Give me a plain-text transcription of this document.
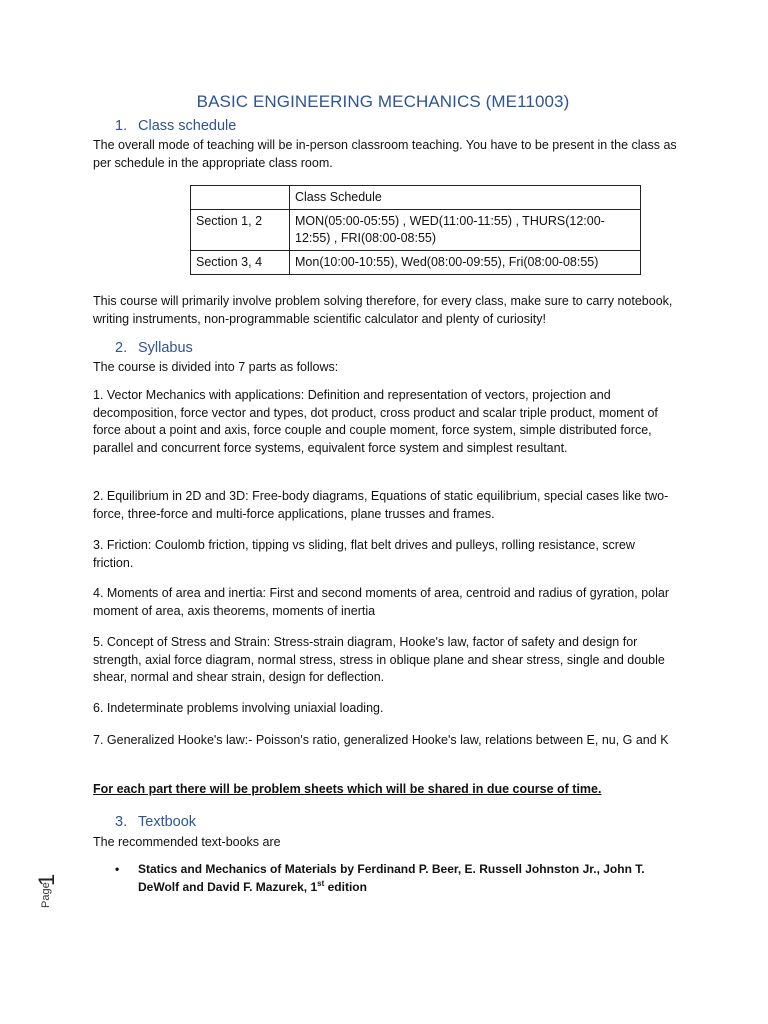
BASIC ENGINEERING MECHANICS (ME11003)
1. Class schedule
The overall mode of teaching will be in-person classroom teaching. You have to be present in the class as per schedule in the appropriate class room.
	Class Schedule
Section 1, 2	MON(05:00-05:55) , WED(11:00-11:55) , THURS(12:00-12:55) , FRI(08:00-08:55)
Section 3, 4	Mon(10:00-10:55), Wed(08:00-09:55), Fri(08:00-08:55)
This course will primarily involve problem solving therefore, for every class, make sure to carry notebook, writing instruments, non-programmable scientific calculator and plenty of curiosity!
2. Syllabus
The course is divided into 7 parts as follows:
1. Vector Mechanics with applications: Definition and representation of vectors, projection and decomposition, force vector and types, dot product, cross product and scalar triple product, moment of force about a point and axis, force couple and couple moment, force system, simple distributed force, parallel and concurrent force systems, equivalent force system and simplest resultant.
2. Equilibrium in 2D and 3D: Free-body diagrams, Equations of static equilibrium, special cases like two-force, three-force and multi-force applications, plane trusses and frames.
3. Friction: Coulomb friction, tipping vs sliding, flat belt drives and pulleys, rolling resistance, screw friction.
4. Moments of area and inertia: First and second moments of area, centroid and radius of gyration, polar moment of area, axis theorems, moments of inertia
5. Concept of Stress and Strain: Stress-strain diagram, Hooke's law, factor of safety and design for strength, axial force diagram, normal stress, stress in oblique plane and shear stress, single and double shear, normal and shear strain, design for deflection.
6. Indeterminate problems involving uniaxial loading.
7. Generalized Hooke's law:- Poisson's ratio, generalized Hooke's law, relations between E, nu, G and K
For each part there will be problem sheets which will be shared in due course of time.
3. Textbook
The recommended text-books are
• Statics and Mechanics of Materials by Ferdinand P. Beer, E. Russell Johnston Jr., John T. DeWolf and David F. Mazurek, 1st edition
Page
1
